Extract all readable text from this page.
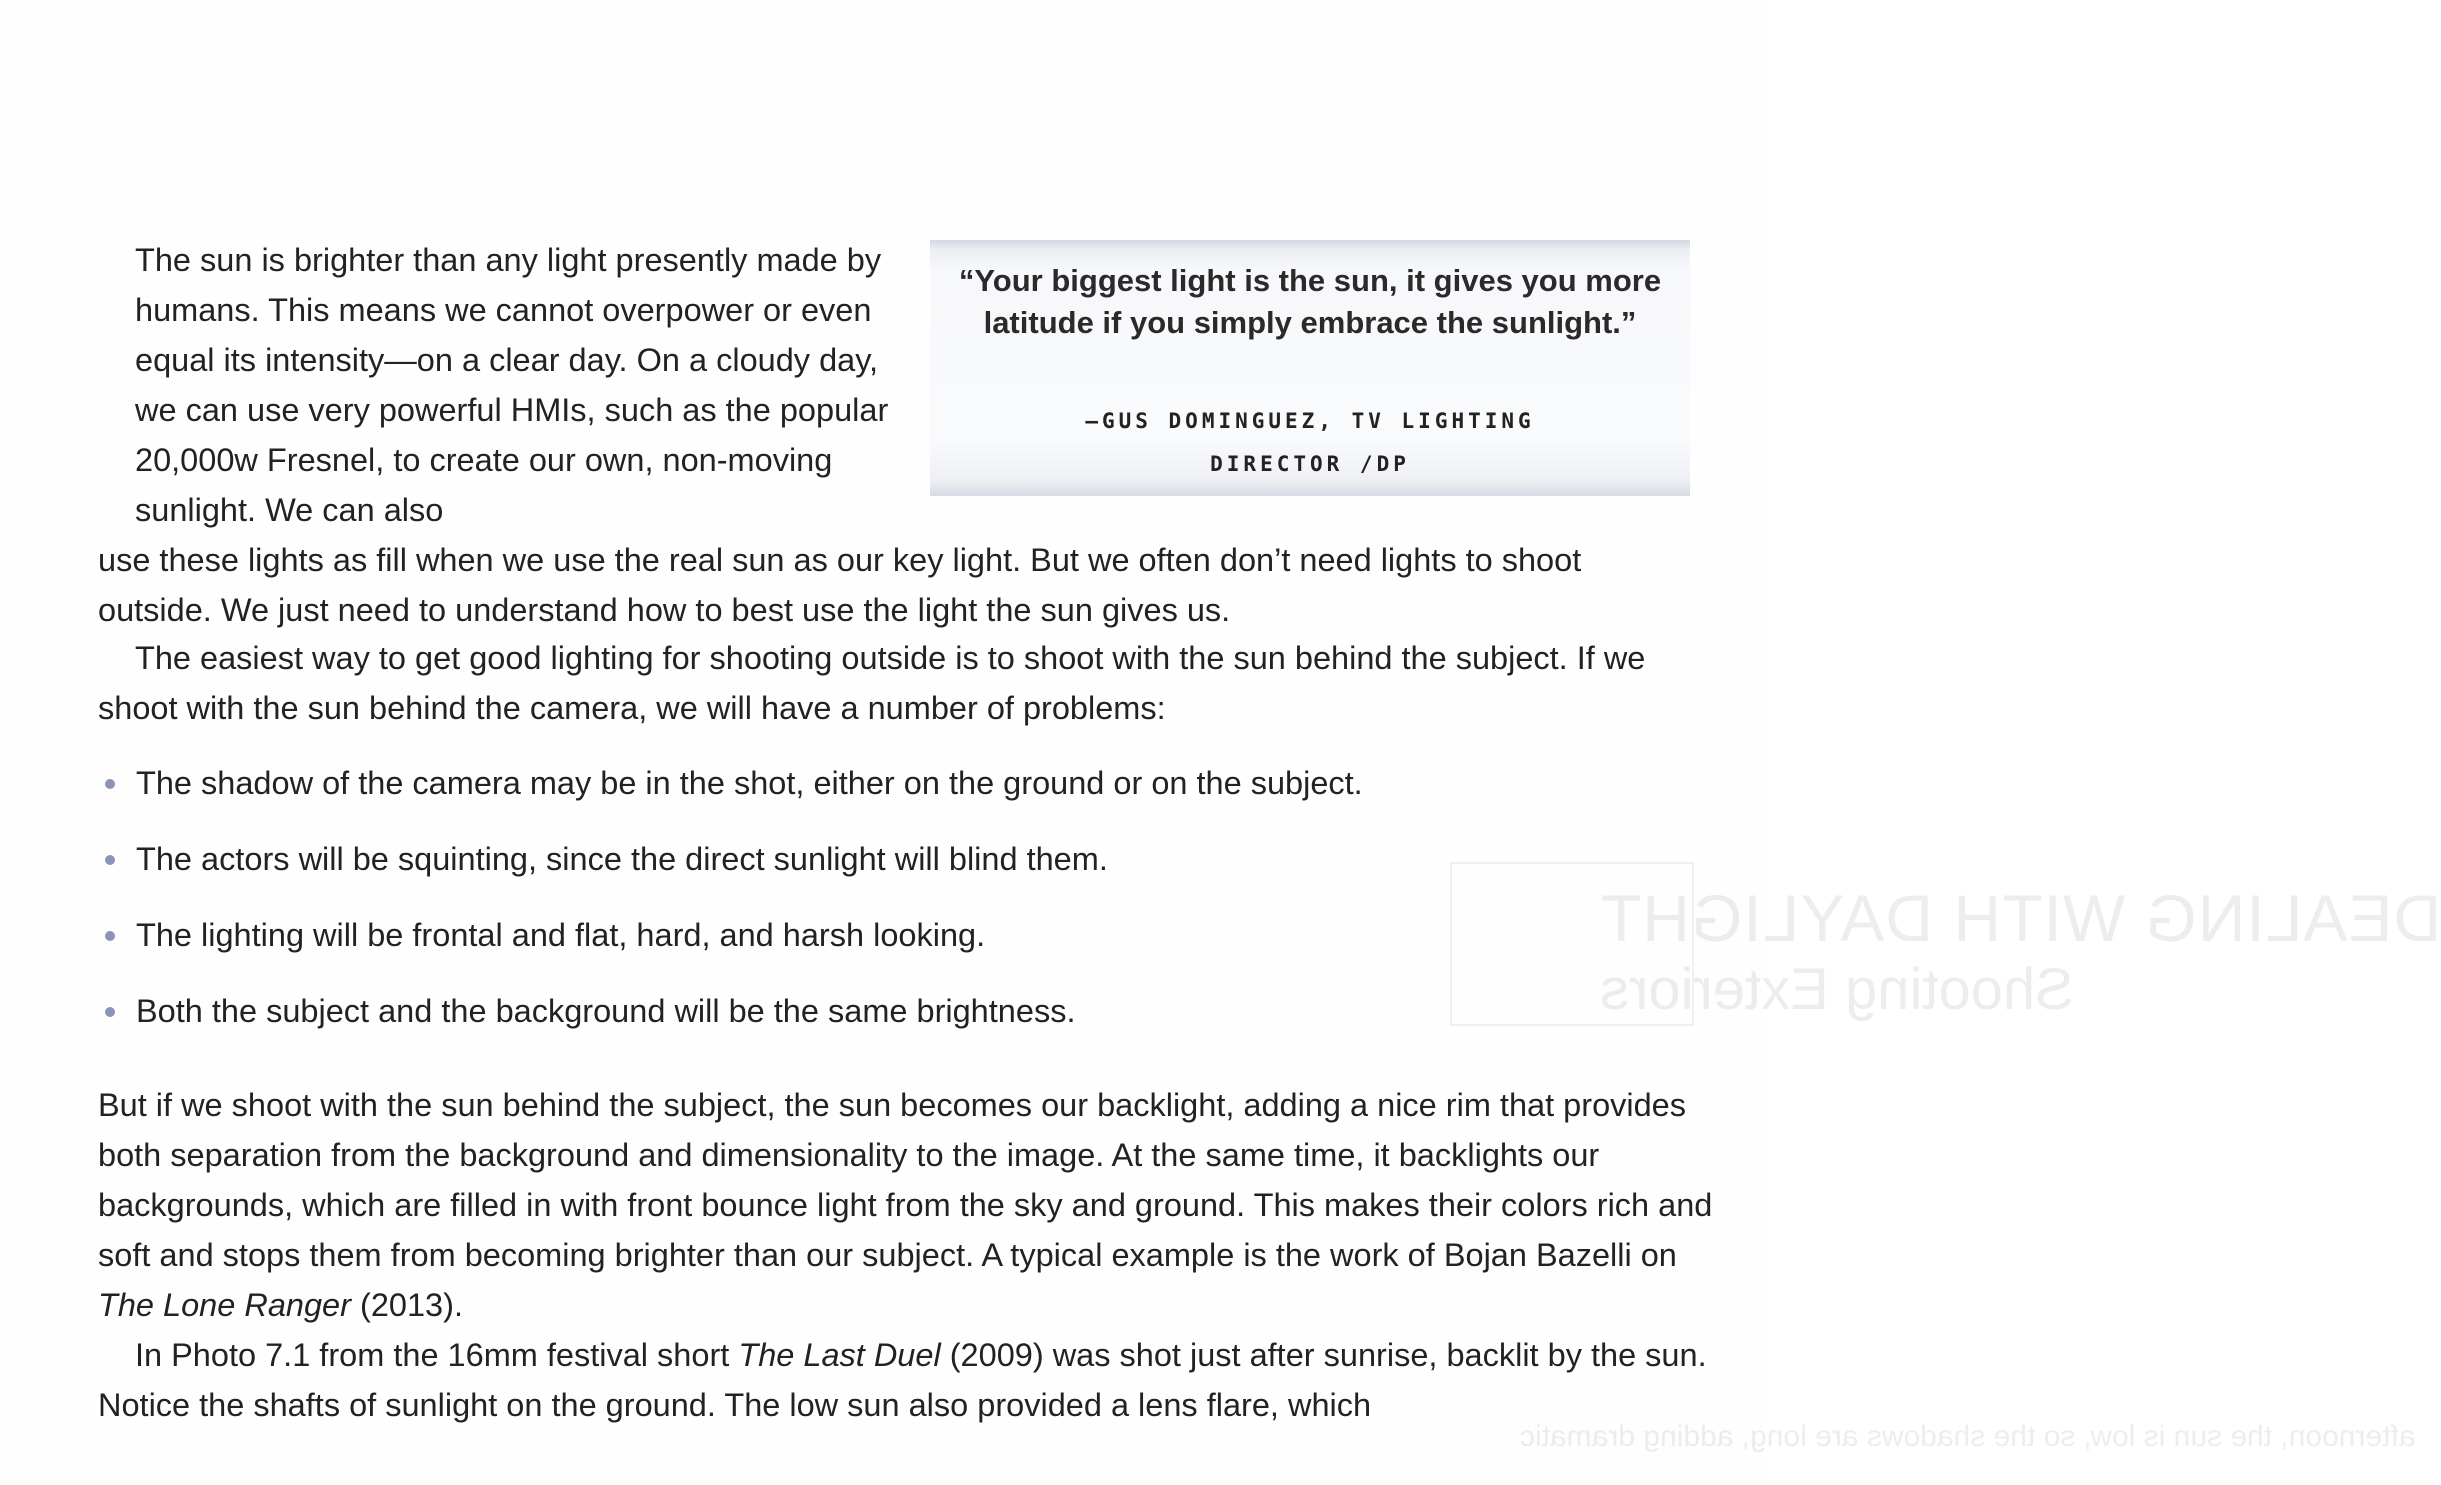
DEALING WITH DAYLIGHT
Shooting Exteriors
afternoon, the sun is low, so the shadows are long, adding dramatic
“Your biggest light is the sun, it gives you more latitude if you simply embrace the sunlight.”
—GUS DOMINGUEZ, TV LIGHTING
DIRECTOR /DP
The sun is brighter than any light presently made by humans. This means we cannot overpower or even equal its intensity—on a clear day. On a cloudy day, we can use very powerful HMIs, such as the popular 20,000w Fresnel, to create our own, non-moving sunlight. We can also
use these lights as fill when we use the real sun as our key light. But we often don’t need lights to shoot outside. We just need to understand how to best use the light the sun gives us.
The easiest way to get good lighting for shooting outside is to shoot with the sun behind the subject. If we shoot with the sun behind the camera, we will have a number of problems:
The shadow of the camera may be in the shot, either on the ground or on the subject.
The actors will be squinting, since the direct sunlight will blind them.
The lighting will be frontal and flat, hard, and harsh looking.
Both the subject and the background will be the same brightness.
But if we shoot with the sun behind the subject, the sun becomes our backlight, adding a nice rim that provides both separation from the background and dimensionality to the image. At the same time, it backlights our backgrounds, which are filled in with front bounce light from the sky and ground. This makes their colors rich and soft and stops them from becoming brighter than our subject. A typical example is the work of Bojan Bazelli on The Lone Ranger (2013).
In Photo 7.1 from the 16mm festival short The Last Duel (2009) was shot just after sunrise, backlit by the sun. Notice the shafts of sunlight on the ground. The low sun also provided a lens flare, which
